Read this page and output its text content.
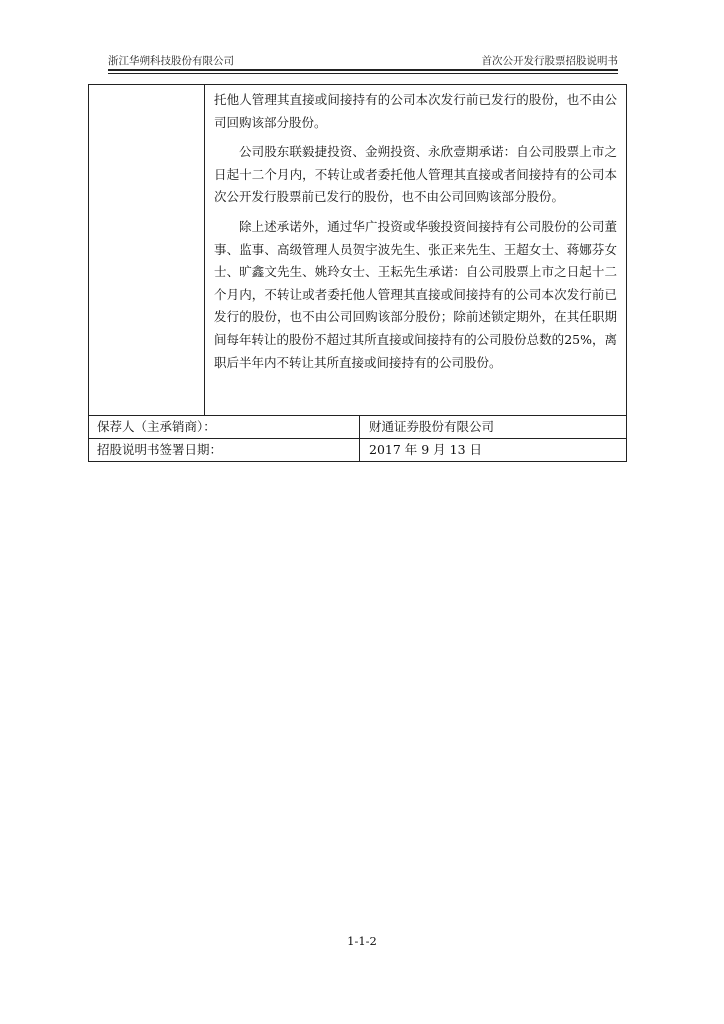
浙江华朔科技股份有限公司	首次公开发行股票招股说明书

托他人管理其直接或间接持有的公司本次发行前已发行的股份，也不由公司回购该部分股份。

公司股东联毅捷投资、金朔投资、永欣壹期承诺：自公司股票上市之日起十二个月内，不转让或者委托他人管理其直接或者间接持有的公司本次公开发行股票前已发行的股份，也不由公司回购该部分股份。

除上述承诺外，通过华广投资或华骏投资间接持有公司股份的公司董事、监事、高级管理人员贺宇波先生、张正来先生、王超女士、蒋娜芬女士、旷鑫文先生、姚玲女士、王耘先生承诺：自公司股票上市之日起十二个月内，不转让或者委托他人管理其直接或间接持有的公司本次发行前已发行的股份，也不由公司回购该部分股份；除前述锁定期外，在其任职期间每年转让的股份不超过其所直接或间接持有的公司股份总数的25%，离职后半年内不转让其所直接或间接持有的公司股份。

保荐人（主承销商）：	财通证券股份有限公司
招股说明书签署日期：	2017 年 9 月 13 日
1-1-2
